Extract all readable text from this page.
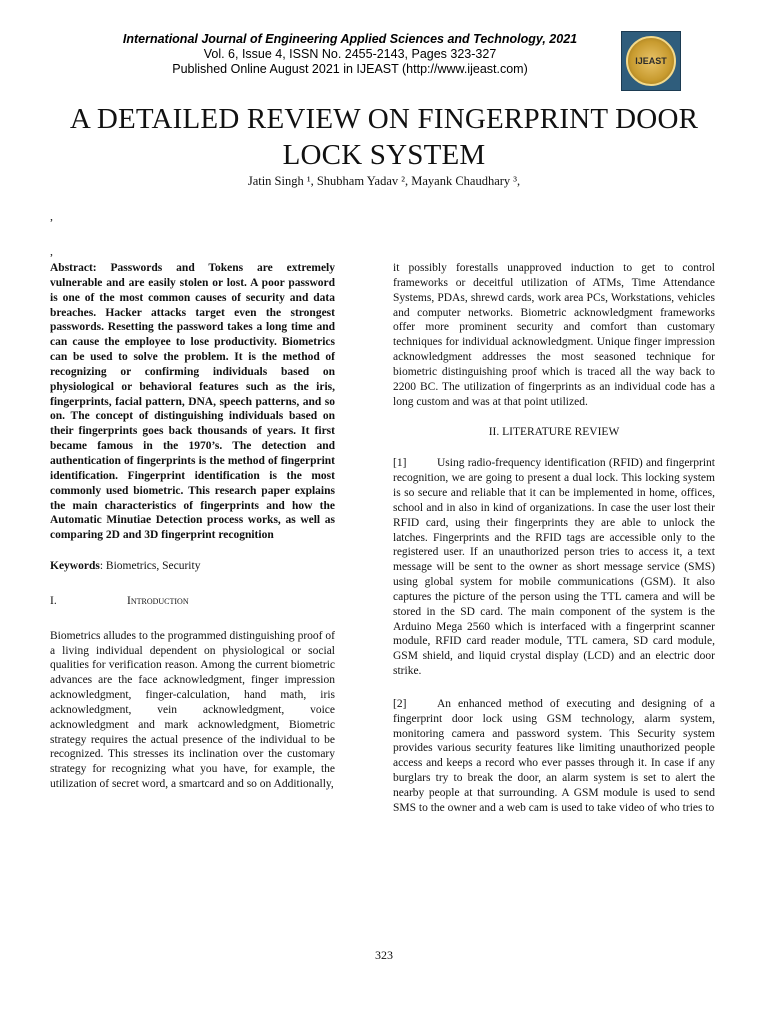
International Journal of Engineering Applied Sciences and Technology, 2021
Vol. 6, Issue 4, ISSN No. 2455-2143, Pages 323-327
Published Online August 2021 in IJEAST (http://www.ijeast.com)
IJEAST
A DETAILED REVIEW ON FINGERPRINT DOOR LOCK SYSTEM
Jatin Singh ¹, Shubham Yadav ², Mayank Chaudhary ³,
,
,

Abstract: Passwords and Tokens are extremely vulnerable and are easily stolen or lost. A poor password is one of the most common causes of security and data breaches. Hacker attacks target even the strongest passwords. Resetting the password takes a long time and can cause the employee to lose productivity. Biometrics can be used to solve the problem. It is the method of recognizing or confirming individuals based on physiological or behavioral features such as the iris, fingerprints, facial pattern, DNA, speech patterns, and so on. The concept of distinguishing individuals based on their fingerprints goes back thousands of years. It first became famous in the 1970’s. The detection and authentication of fingerprints is the method of fingerprint identification. Fingerprint identification is the most commonly used biometric. This research paper explains the main characteristics of fingerprints and how the Automatic Minutiae Detection process works, as well as comparing 2D and 3D fingerprint recognition

Keywords: Biometrics, Security

I.	Introduction

Biometrics alludes to the programmed distinguishing proof of a living individual dependent on physiological or social qualities for verification reason. Among the current biometric advances are the face acknowledgment, finger impression acknowledgment, finger-calculation, hand math, iris acknowledgment, vein acknowledgment, voice acknowledgment and mark acknowledgment, Biometric strategy requires the actual presence of the individual to be recognized. This stresses its inclination over the customary strategy for recognizing what you have, for example, the utilization of secret word, a smartcard and so on Additionally,

it possibly forestalls unapproved induction to get to control frameworks or deceitful utilization of ATMs, Time Attendance Systems, PDAs, shrewd cards, work area PCs, Workstations, vehicles and computer networks. Biometric acknowledgment frameworks offer more prominent security and comfort than customary techniques for individual acknowledgment. Unique finger impression acknowledgment addresses the most seasoned technique for biometric distinguishing proof which is traced all the way back to 2200 BC. The utilization of fingerprints as an individual code has a long custom and was at that point utilized.

II. LITERATURE REVIEW

[1]	Using radio-frequency identification (RFID) and fingerprint recognition, we are going to present a dual lock. This locking system is so secure and reliable that it can be implemented in home, offices, school and in also in kind of organizations. In case the user lost their RFID card, using their fingerprints they are able to unlock the latches. Fingerprints and the RFID tags are accessible only to the registered user. If an unauthorized person tries to access it, a text message will be sent to the owner as short message service (SMS) using global system for mobile communications (GSM). It also captures the picture of the person using the TTL camera and will be stored in the SD card. The main component of the system is the Arduino Mega 2560 which is interfaced with a fingerprint scanner module, RFID card reader module, TTL camera, SD card module, GSM shield, and liquid crystal display (LCD) and an electric door strike.

[2]	An enhanced method of executing and designing of a fingerprint door lock using GSM technology, alarm system, monitoring camera and password system. This Security system provides various security features like limiting unauthorized people access and keeps a record who ever passes through it. In case if any burglars try to break the door, an alarm system is set to alert the nearby people at that surrounding. A GSM module is used to send SMS to the owner and a web cam is used to take video of who tries to

323
